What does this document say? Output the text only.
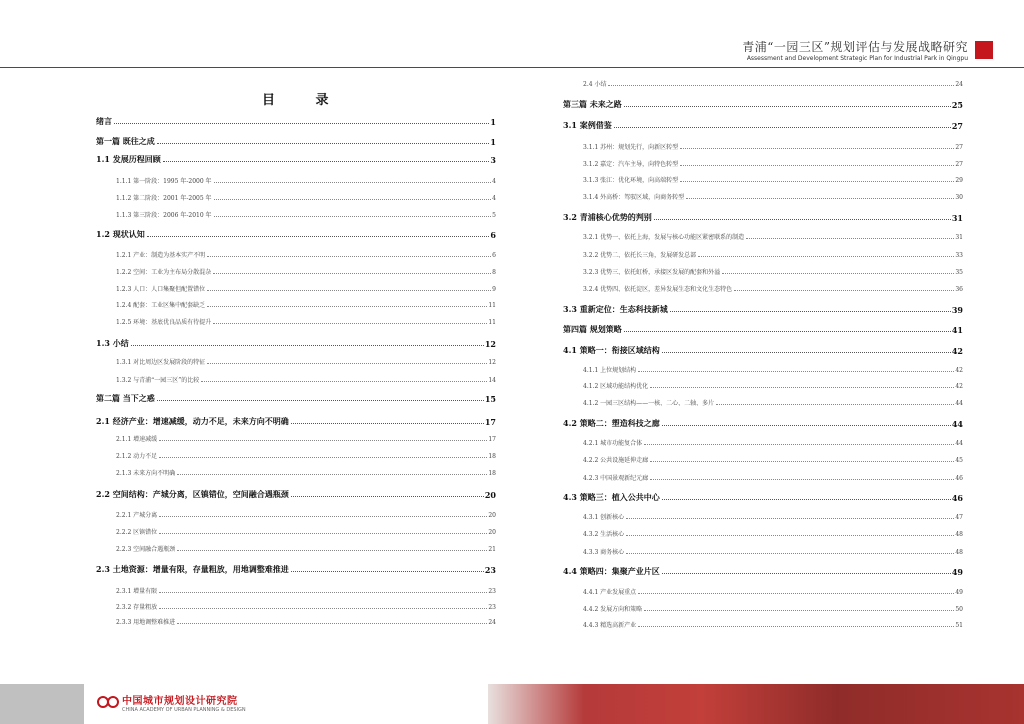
青浦“一园三区”规划评估与发展战略研究
Assessment and Development Strategic Plan for Industrial Park in Qingpu
目 录
绪言	1
第一篇 既往之成	1
1.1 发展历程回顾	3
1.1.1 第一阶段：1995 年-2000 年	4
1.1.2 第二阶段：2001 年-2005 年	4
1.1.3 第三阶段：2006 年-2010 年	5
1.2 现状认知	6
1.2.1 产业：制造为基本实产不明	6
1.2.2 空间：工业为主布局分散混杂	8
1.2.3 人口：人口集聚但配置错位	9
1.2.4 配套：工业区集中配套缺乏	11
1.2.5 环境：基底优良品质有待提升	11
1.3 小结	12
1.3.1 对比周边区发展阶段的特征	12
1.3.2 与青浦“一园三区”的比较	14
第二篇 当下之惑	15
2.1 经济产业：增速减缓，动力不足，未来方向不明确	17
2.1.1 增速减缓	17
2.1.2 动力不足	18
2.1.3 未来方向不明确	18
2.2 空间结构：产城分离，区镇错位，空间融合遇瓶颈	20
2.2.1 产城分离	20
2.2.2 区镇错位	20
2.2.3 空间融合遇瓶颈	21
2.3 土地资源：增量有限，存量粗放，用地调整难推进	23
2.3.1 增量有限	23
2.3.2 存量粗放	23
2.3.3 用地调整难推进	24
2.4 小结	24
第三篇 未来之路	25
3.1 案例借鉴	27
3.1.1 苏州：规划先行，向新区转型	27
3.1.2 嘉定：汽车主导，向特色转型	27
3.1.3 张江：优化环境，向高端转型	29
3.1.4 外高桥：驾驭区域，向商务转型	30
3.2 青浦核心优势的判别	31
3.2.1 优势一、依托上海，发展与核心功能区紧密联系的制造	31
3.2.2 优势二、依托长三角，发展研发总部	33
3.2.3 优势三、依托虹桥，承接区发展的配套和外溢	35
3.2.4 优势四、依托淀区，差异发展生态和文化生态特色	36
3.3 重新定位：生态科技新城	39
第四篇 规划策略	41
4.1 策略一：衔接区域结构	42
4.1.1 上位规划结构	42
4.1.2 区域功能结构优化	42
4.1.2 一园三区结构——一核、二心、二轴、多片	44
4.2 策略二：塑造科技之廊	44
4.2.1 城市功能复合体	44
4.2.2 公共设施延伸走廊	45
4.2.3 中国景观新纪元廊	46
4.3 策略三：植入公共中心	46
4.3.1 创新核心	47
4.3.2 生活核心	48
4.3.3 商务核心	48
4.4 策略四：集聚产业片区	49
4.4.1 产业发展重点	49
4.4.2 发展方向和策略	50
4.4.3 精选高新产业	51
中国城市规划设计研究院
CHINA ACADEMY OF URBAN PLANNING & DESIGN
